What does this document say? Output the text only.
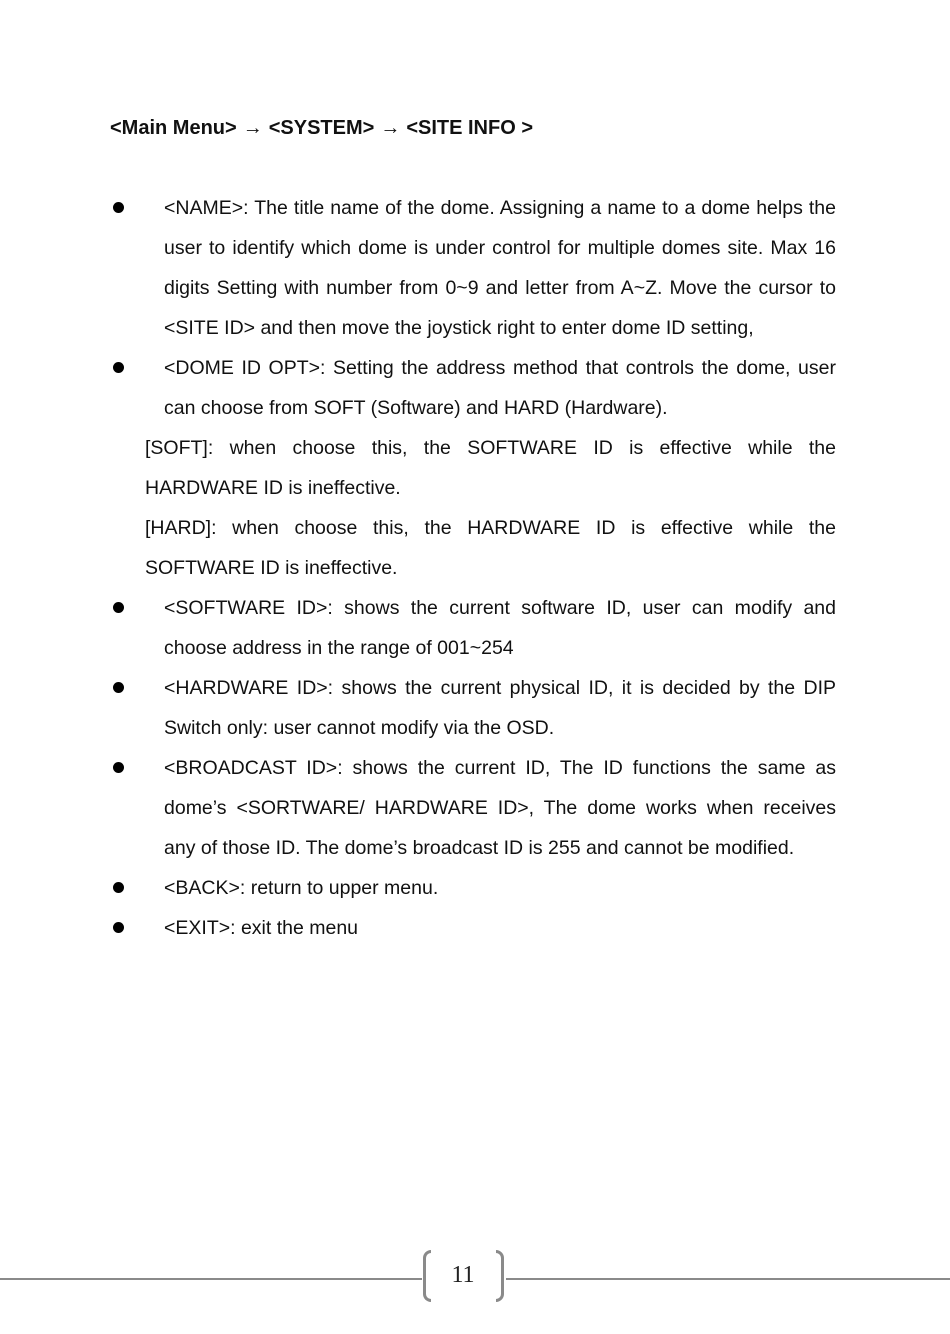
<Main Menu> → <SYSTEM> → <SITE INFO >
<NAME>: The title name of the dome. Assigning a name to a dome helps the user to identify which dome is under control for multiple domes site. Max 16 digits Setting with number from 0~9 and letter from A~Z. Move the cursor to <SITE ID> and then move the joystick right to enter dome ID setting,
<DOME ID OPT>: Setting the address method that controls the dome, user can choose from SOFT (Software) and HARD (Hardware).
[SOFT]: when choose this, the SOFTWARE ID is effective while the HARDWARE ID is ineffective.
[HARD]: when choose this, the HARDWARE ID is effective while the SOFTWARE ID is ineffective.
<SOFTWARE ID>: shows the current software ID, user can modify and choose address in the range of 001~254
<HARDWARE ID>: shows the current physical ID, it is decided by the DIP Switch only: user cannot modify via the OSD.
<BROADCAST ID>: shows the current ID, The ID functions the same as dome’s <SORTWARE/ HARDWARE ID>, The dome works when receives any of those ID. The dome’s broadcast ID is 255 and cannot be modified.
<BACK>: return to upper menu.
<EXIT>: exit the menu
11
